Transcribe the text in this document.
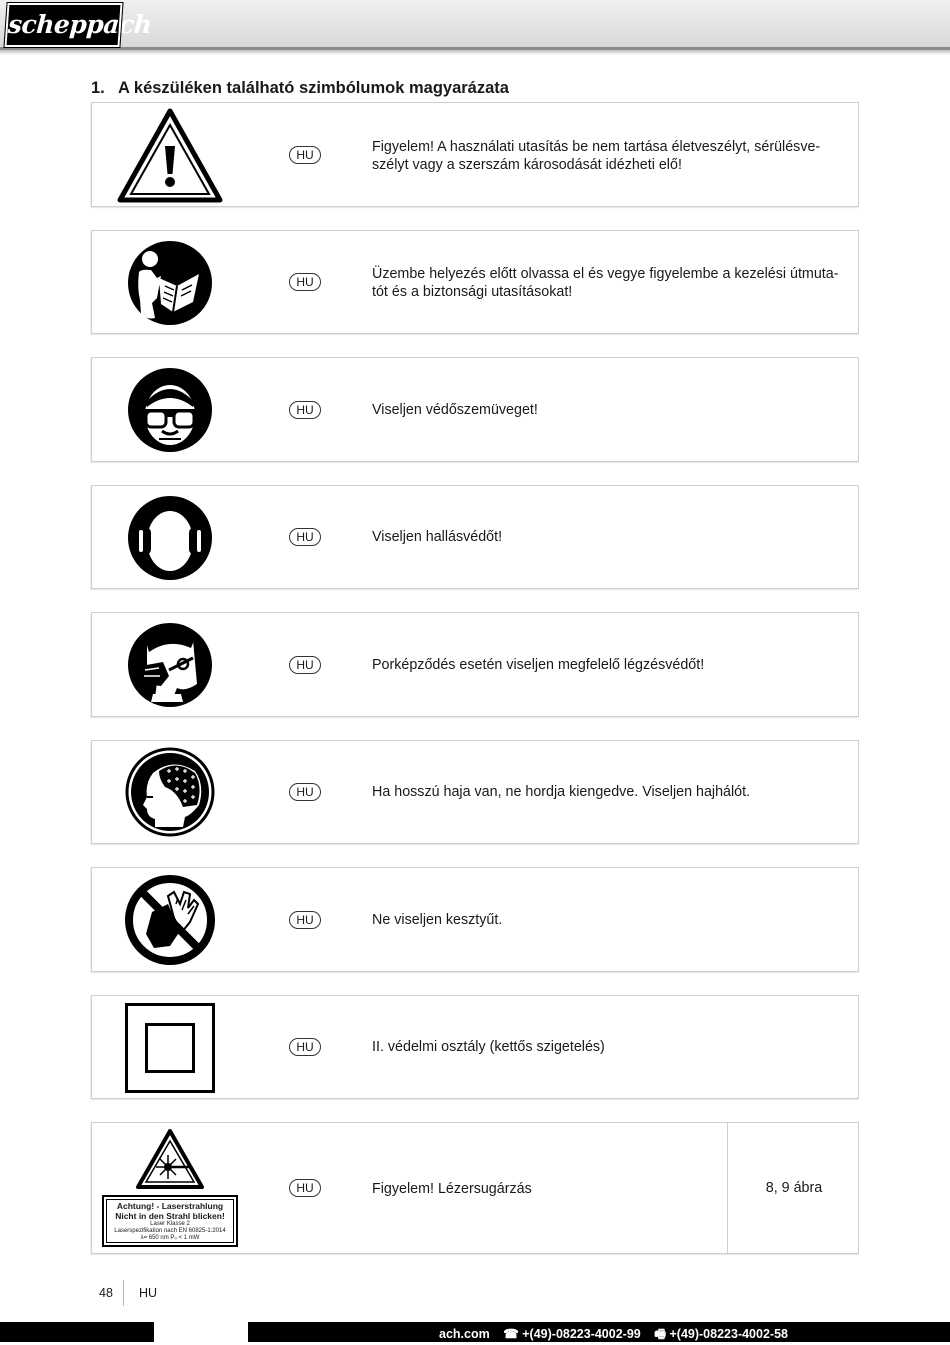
scheppach
1. A készüléken található szimbólumok magyarázata
HU	Figyelem! A használati utasítás be nem tartása életveszélyt, sérülésve-
szélyt vagy a szerszám károsodását idézheti elő!
HU	Üzembe helyezés előtt olvassa el és vegye figyelembe a kezelési útmuta-
tót és a biztonsági utasításokat!
HU	Viseljen védőszemüveget!
HU	Viseljen hallásvédőt!
HU	Porképződés esetén viseljen megfelelő légzésvédőt!
HU	Ha hosszú haja van, ne hordja kiengedve. Viseljen hajhálót.
HU	Ne viseljen kesztyűt.
HU	II. védelmi osztály (kettős szigetelés)
Achtung! - Laserstrahlung
Nicht in den Strahl blicken!
Laser Klasse 2
Laserspezifikation nach EN 60825-1:2014
λ= 650 nm P₀ < 1 mW
HU	Figyelem! Lézersugárzás	8, 9 ábra
48 HU
ach.com ☎ +(49)-08223-4002-99 🖷 +(49)-08223-4002-58
